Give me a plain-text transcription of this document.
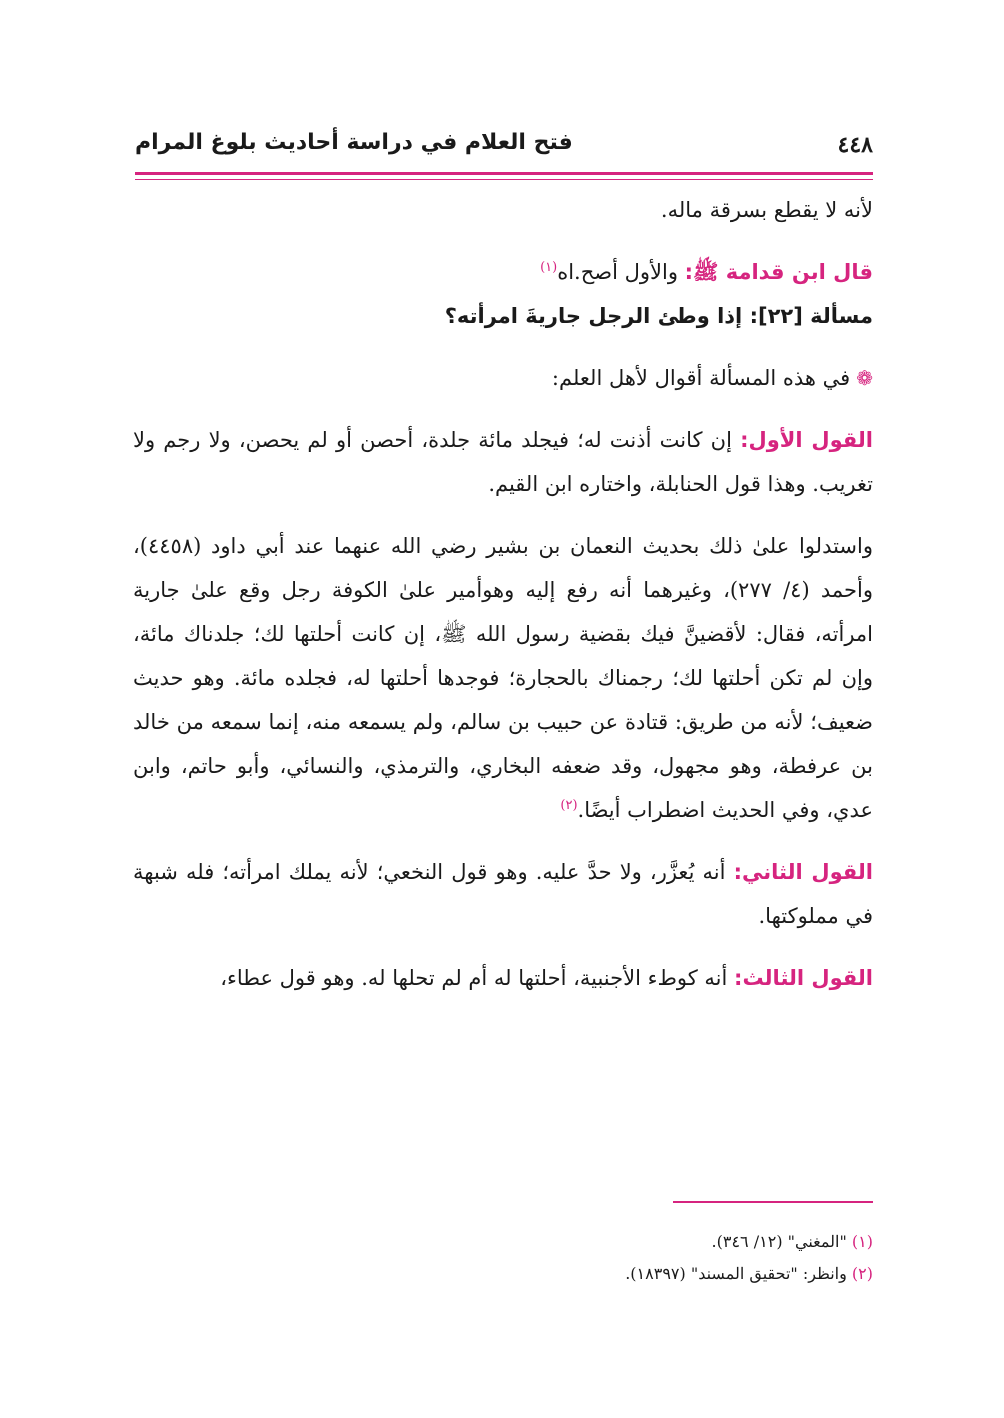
٤٤٨
فتح العلام في دراسة أحاديث بلوغ المرام

لأنه لا يقطع بسرقة ماله.

قال ابن قدامة ﷺ: والأول أصح.اه$^{(١)}$

مسألة [٢٢]: إذا وطئ الرجل جاريةَ امرأته؟

❁في هذه المسألة أقوال لأهل العلم:

القول الأول: إن كانت أذنت له؛ فيجلد مائة جلدة، أحصن أو لم يحصن، ولا رجم ولا تغريب. وهذا قول الحنابلة، واختاره ابن القيم.

واستدلوا علىٰ ذلك بحديث النعمان بن بشير رضي الله عنهما عند أبي داود (٤٤٥٨)، وأحمد (٤/ ٢٧٧)، وغيرهما أنه رفع إليه وهوأمير علىٰ الكوفة رجل وقع علىٰ جارية امرأته، فقال: لأقضينَّ فيك بقضية رسول الله ﷺ، إن كانت أحلتها لك؛ جلدناك مائة، وإن لم تكن أحلتها لك؛ رجمناك بالحجارة؛ فوجدها أحلتها له، فجلده مائة. وهو حديث ضعيف؛ لأنه من طريق: قتادة عن حبيب بن سالم، ولم يسمعه منه، إنما سمعه من خالد بن عرفطة، وهو مجهول، وقد ضعفه البخاري، والترمذي، والنسائي، وأبو حاتم، وابن عدي، وفي الحديث اضطراب أيضًا.$^{(٢)}$

القول الثاني: أنه يُعزَّر، ولا حدَّ عليه. وهو قول النخعي؛ لأنه يملك امرأته؛ فله شبهة في مملوكتها.

القول الثالث: أنه كوطء الأجنبية، أحلتها له أم لم تحلها له. وهو قول عطاء،

(١) "المغني" (١٢/ ٣٤٦).
(٢) وانظر: "تحقيق المسند" (١٨٣٩٧).
